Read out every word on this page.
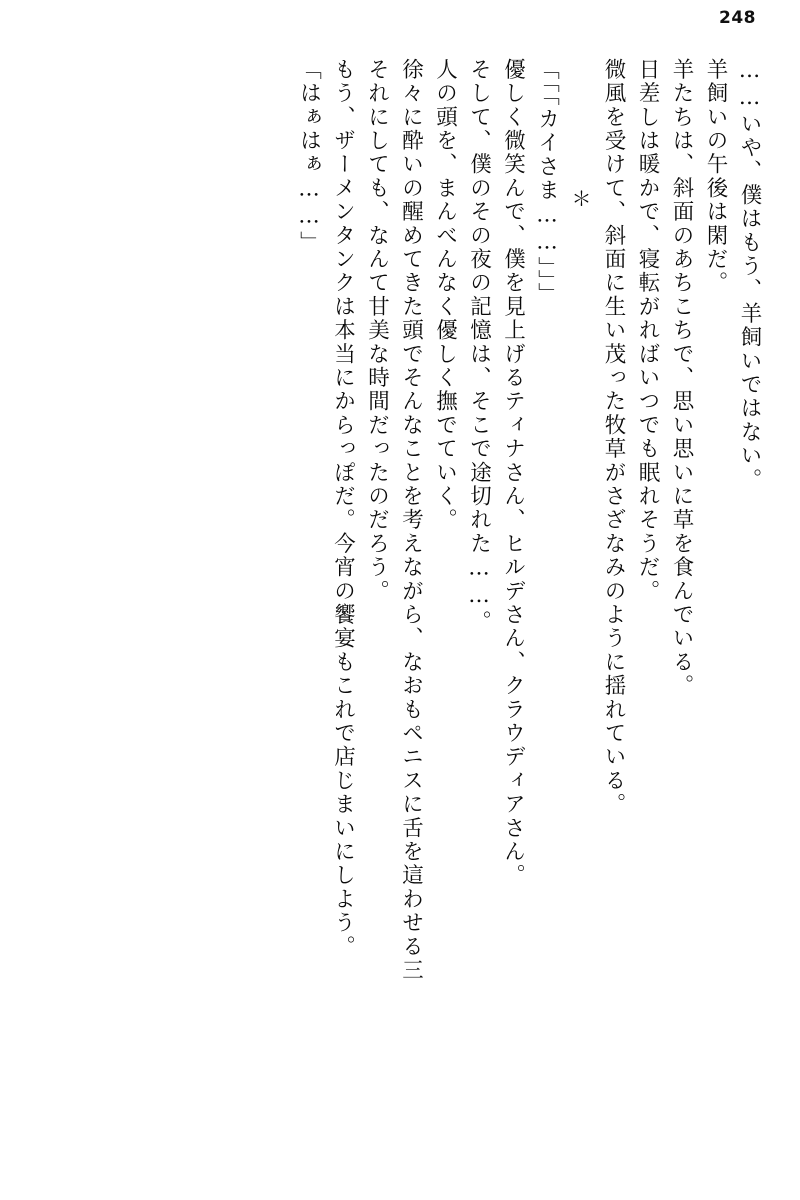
248
「はぁはぁ……」 もう、ザーメンタンクは本当にからっぽだ。今宵の饗宴もこれで店じまいにしよう。 それにしても、なんて甘美な時間だったのだろう。 徐々に酔いの醒めてきた頭でそんなことを考えながら、なおもペニスに舌を這わせる三 人の頭を、まんべんなく優しく撫でていく。 そして、僕のその夜の記憶は、そこで途切れた……。 優しく微笑んで、僕を見上げるティナさん、ヒルデさん、クラウディアさん。 「「「カイさま……」」」 ＊ 微風を受けて、斜面に生い茂った牧草がさざなみのように揺れている。 日差しは暖かで、寝転がればいつでも眠れそうだ。 羊たちは、斜面のあちこちで、思い思いに草を食んでいる。 羊飼いの午後は閑だ。 ……いや、僕はもう、羊飼いではない。
